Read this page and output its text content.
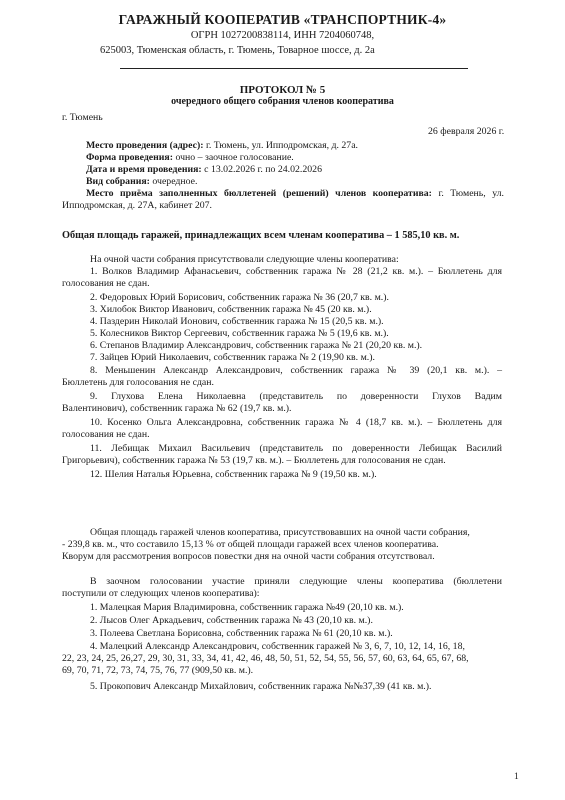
ГАРАЖНЫЙ КООПЕРАТИВ «ТРАНСПОРТНИК-4»
ОГРН 1027200838114, ИНН 7204060748,
625003, Тюменская область, г. Тюмень, Товарное шоссе, д. 2а
ПРОТОКОЛ № 5
очередного общего собрания членов кооператива
г. Тюмень
26 февраля 2026 г.
Место проведения (адрес): г. Тюмень, ул. Ипподромская, д. 27а.
Форма проведения: очно – заочное голосование.
Дата и время проведения: с 13.02.2026 г. по 24.02.2026
Вид собрания: очередное.
Место приёма заполненных бюллетеней (решений) членов кооператива: г. Тюмень, ул.
Ипподромская, д. 27А, кабинет 207.
Общая площадь гаражей, принадлежащих всем членам кооператива – 1 585,10 кв. м.
На очной части собрания присутствовали следующие члены кооператива:
1. Волков Владимир Афанасьевич, собственник гаража № 28 (21,2 кв. м.). – Бюллетень для
голосования не сдан.
2. Федоровых Юрий Борисович, собственник гаража № 36 (20,7 кв. м.).
3. Хилобок Виктор Иванович, собственник гаража № 45 (20 кв. м.).
4. Паздерин Николай Ионович, собственник гаража № 15 (20,5 кв. м.).
5. Колесников Виктор Сергеевич, собственник гаража № 5 (19,6 кв. м.).
6. Степанов Владимир Александрович, собственник гаража № 21 (20,20 кв. м.).
7. Зайцев Юрий Николаевич, собственник гаража № 2 (19,90 кв. м.).
8. Меньшенин Александр Александрович, собственник гаража № 39 (20,1 кв. м.). –
Бюллетень для голосования не сдан.
9. Глухова Елена Николаевна (представитель по доверенности Глухов Вадим
Валентинович), собственник гаража № 62 (19,7 кв. м.).
10. Косенко Ольга Александровна, собственник гаража № 4 (18,7 кв. м.). – Бюллетень для
голосования не сдан.
11. Лебищак Михаил Васильевич (представитель по доверенности Лебищак Василий
Григорьевич), собственник гаража № 53 (19,7 кв. м.). – Бюллетень для голосования не сдан.
12. Шелия Наталья Юрьевна, собственник гаража № 9 (19,50 кв. м.).
Общая площадь гаражей членов кооператива, присутствовавших на очной части собрания,
- 239,8 кв. м., что составило 15,13 % от общей площади гаражей всех членов кооператива.
Кворум для рассмотрения вопросов повестки дня на очной части собрания отсутствовал.
В заочном голосовании участие приняли следующие члены кооператива (бюллетени
поступили от следующих членов кооператива):
1. Малецкая Мария Владимировна, собственник гаража №49 (20,10 кв. м.).
2. Лысов Олег Аркадьевич, собственник гаража № 43 (20,10 кв. м.).
3. Полеева Светлана Борисовна, собственник гаража № 61 (20,10 кв. м.).
4. Малецкий Александр Александрович, собственник гаражей № 3, 6, 7, 10, 12, 14, 16, 18,
22, 23, 24, 25, 26,27, 29, 30, 31, 33, 34, 41, 42, 46, 48, 50, 51, 52, 54, 55, 56, 57, 60, 63, 64, 65, 67, 68,
69, 70, 71, 72, 73, 74, 75, 76, 77 (909,50 кв. м.).
5. Прокопович Александр Михайлович, собственник гаража №№37,39 (41 кв. м.).
1
